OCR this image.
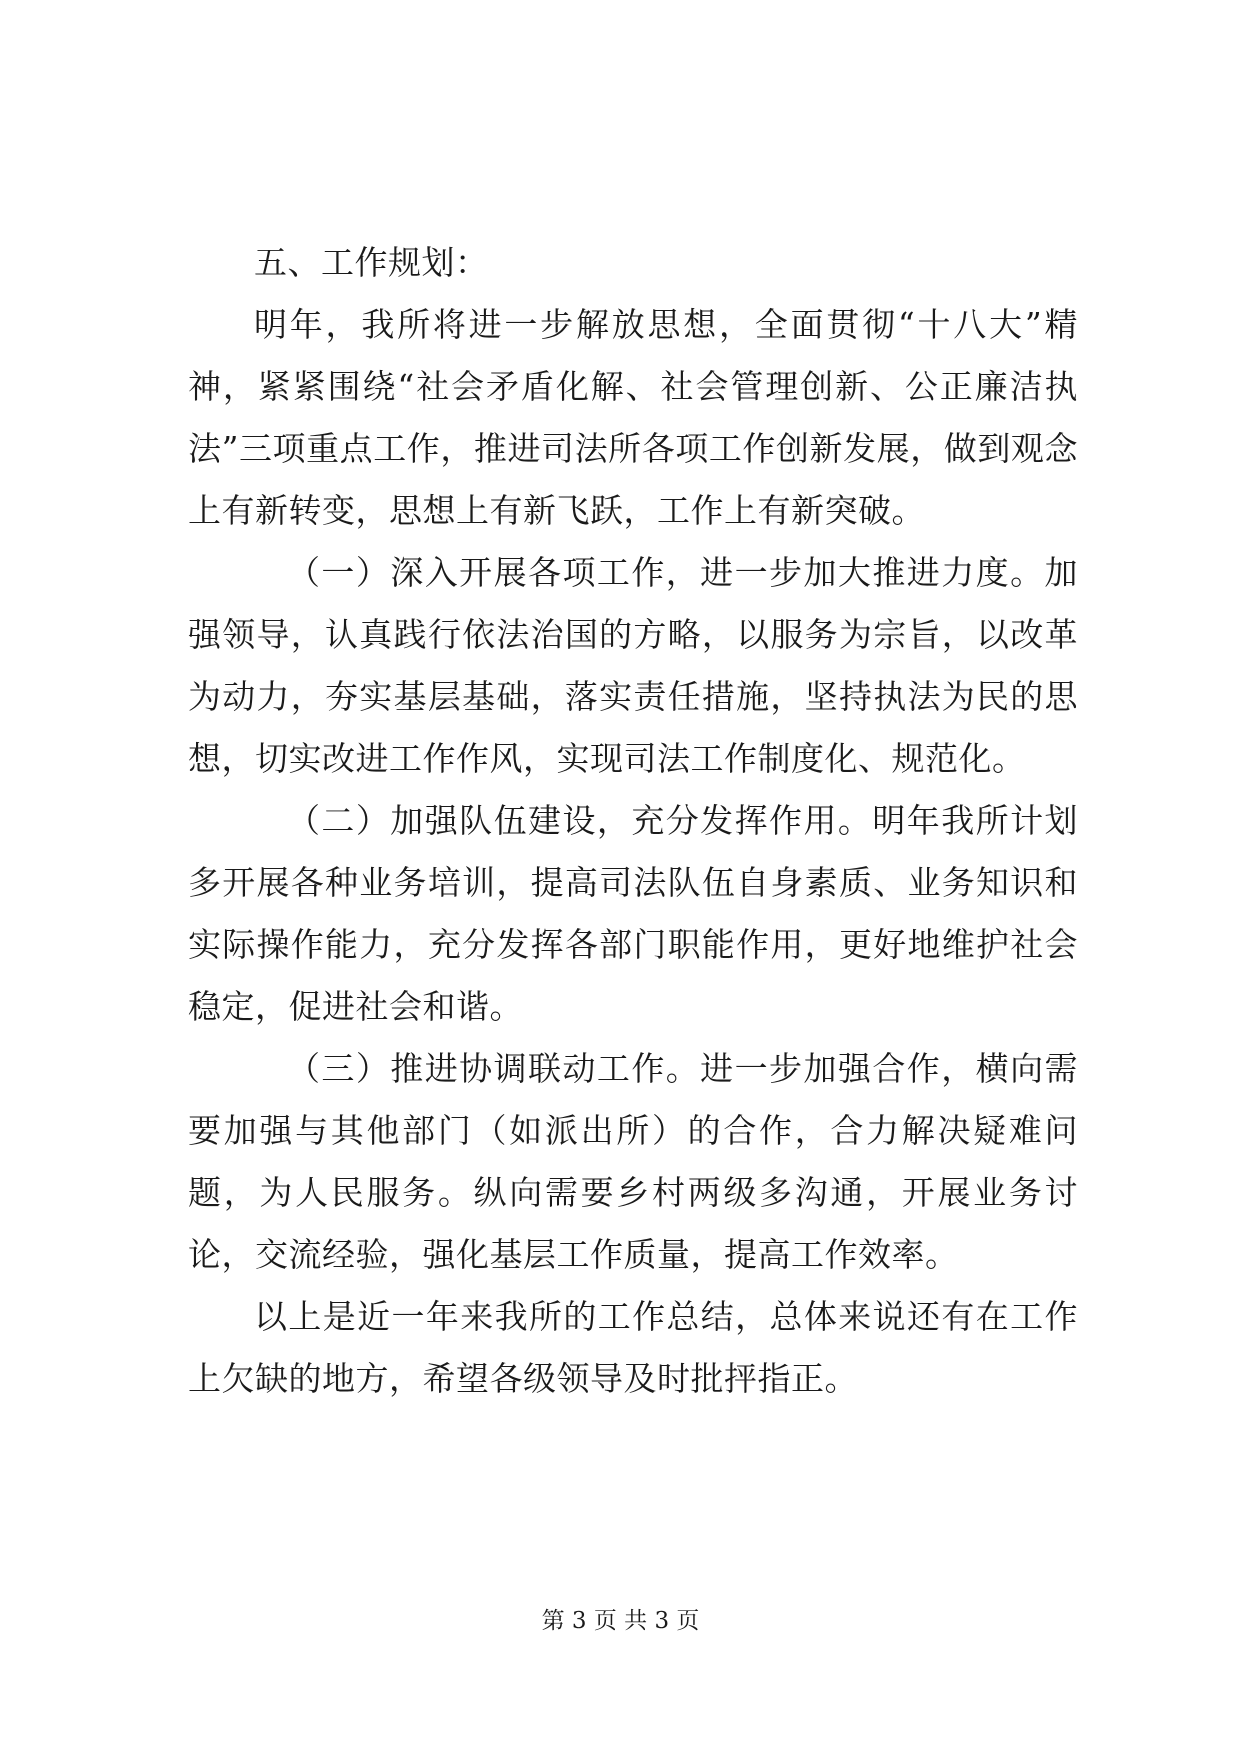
五、工作规划：

明年，我所将进一步解放思想，全面贯彻“十八大”精神，紧紧围绕“社会矛盾化解、社会管理创新、公正廉洁执法”三项重点工作，推进司法所各项工作创新发展，做到观念上有新转变，思想上有新飞跃，工作上有新突破。

（一）深入开展各项工作，进一步加大推进力度。加强领导，认真践行依法治国的方略，以服务为宗旨，以改革为动力，夯实基层基础，落实责任措施，坚持执法为民的思想，切实改进工作作风，实现司法工作制度化、规范化。

（二）加强队伍建设，充分发挥作用。明年我所计划多开展各种业务培训，提高司法队伍自身素质、业务知识和实际操作能力，充分发挥各部门职能作用，更好地维护社会稳定，促进社会和谐。

（三）推进协调联动工作。进一步加强合作，横向需要加强与其他部门（如派出所）的合作，合力解决疑难问题，为人民服务。纵向需要乡村两级多沟通，开展业务讨论，交流经验，强化基层工作质量，提高工作效率。

以上是近一年来我所的工作总结，总体来说还有在工作上欠缺的地方，希望各级领导及时批抨指正。

第 3 页 共 3 页
